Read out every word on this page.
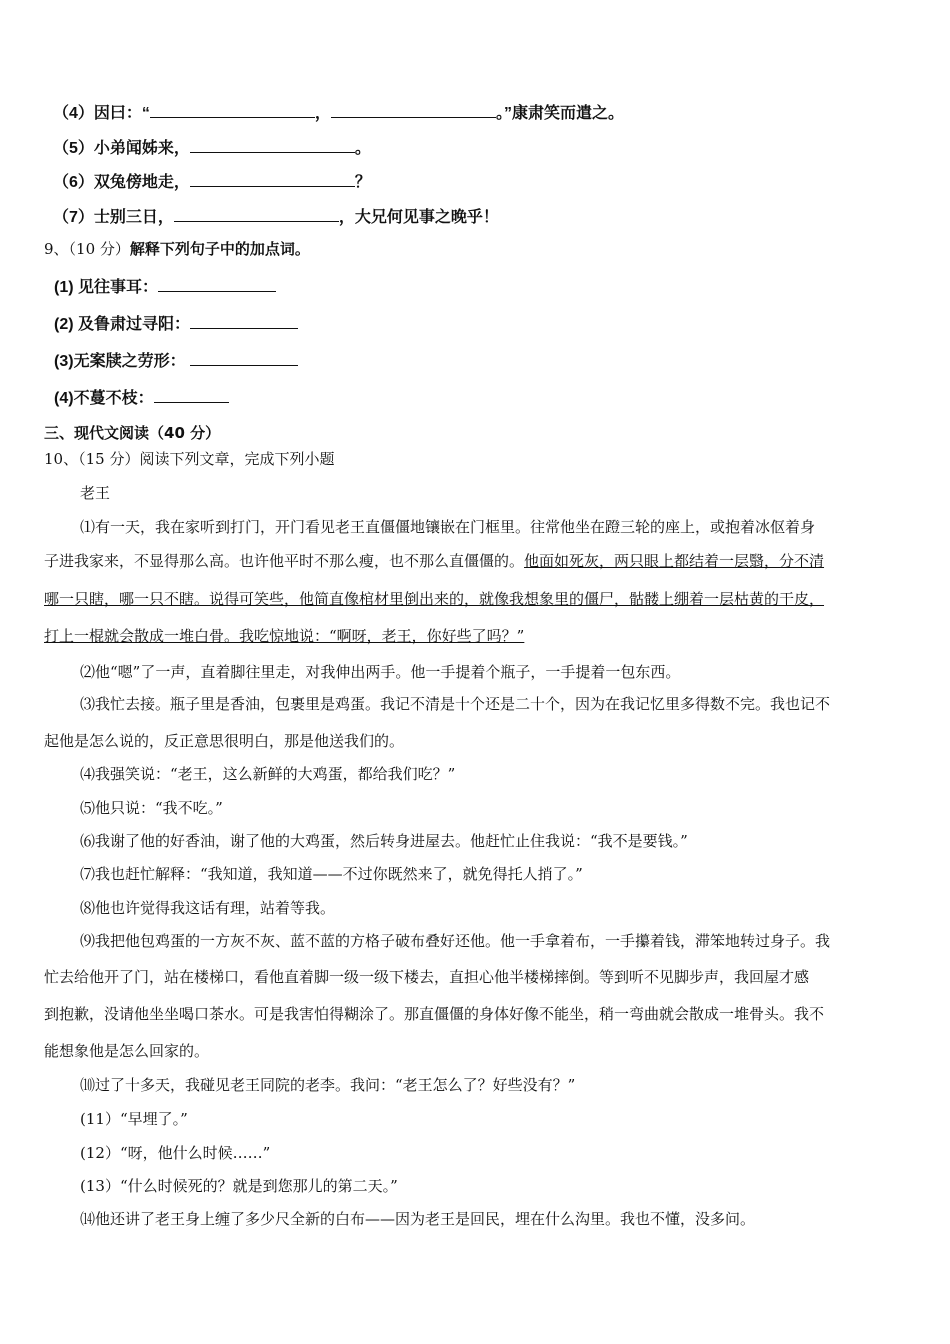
（4）因曰：“	，	。”康肃笑而遣之。
（5）小弟闻姊来，	。
（6）双兔傍地走，	？
（7）士别三日，	，大兄何见事之晚乎！
9、（10 分）解释下列句子中的加点词。
(1) 见往事耳：
(2) 及鲁肃过寻阳：
(3)无案牍之劳形：
(4)不蔓不枝：
三、现代文阅读（40 分）
10、（15 分）阅读下列文章，完成下列小题
老王
⑴有一天，我在家听到打门，开门看见老王直僵僵地镶嵌在门框里。往常他坐在蹬三轮的座上，或抱着冰伛着身
子进我家来，不显得那么高。也许他平时不那么瘦，也不那么直僵僵的。他面如死灰，两只眼上都结着一层翳，分不清
哪一只瞎，哪一只不瞎。说得可笑些，他简直像棺材里倒出来的，就像我想象里的僵尸，骷髅上绷着一层枯黄的干皮，
打上一棍就会散成一堆白骨。我吃惊地说：“啊呀，老王，你好些了吗？”
⑵他“嗯”了一声，直着脚往里走，对我伸出两手。他一手提着个瓶子，一手提着一包东西。
⑶我忙去接。瓶子里是香油，包裹里是鸡蛋。我记不清是十个还是二十个，因为在我记忆里多得数不完。我也记不
起他是怎么说的，反正意思很明白，那是他送我们的。
⑷我强笑说：“老王，这么新鲜的大鸡蛋，都给我们吃？”
⑸他只说：“我不吃。”
⑹我谢了他的好香油，谢了他的大鸡蛋，然后转身进屋去。他赶忙止住我说：“我不是要钱。”
⑺我也赶忙解释：“我知道，我知道——不过你既然来了，就免得托人捎了。”
⑻他也许觉得我这话有理，站着等我。
⑼我把他包鸡蛋的一方灰不灰、蓝不蓝的方格子破布叠好还他。他一手拿着布，一手攥着钱，滞笨地转过身子。我
忙去给他开了门，站在楼梯口，看他直着脚一级一级下楼去，直担心他半楼梯摔倒。等到听不见脚步声，我回屋才感
到抱歉，没请他坐坐喝口茶水。可是我害怕得糊涂了。那直僵僵的身体好像不能坐，稍一弯曲就会散成一堆骨头。我不
能想象他是怎么回家的。
⑽过了十多天，我碰见老王同院的老李。我问：“老王怎么了？好些没有？”
(11）“早埋了。”
(12）“呀，他什么时候……”
(13）“什么时候死的？就是到您那儿的第二天。”
⒁他还讲了老王身上缠了多少尺全新的白布——因为老王是回民，埋在什么沟里。我也不懂，没多问。
